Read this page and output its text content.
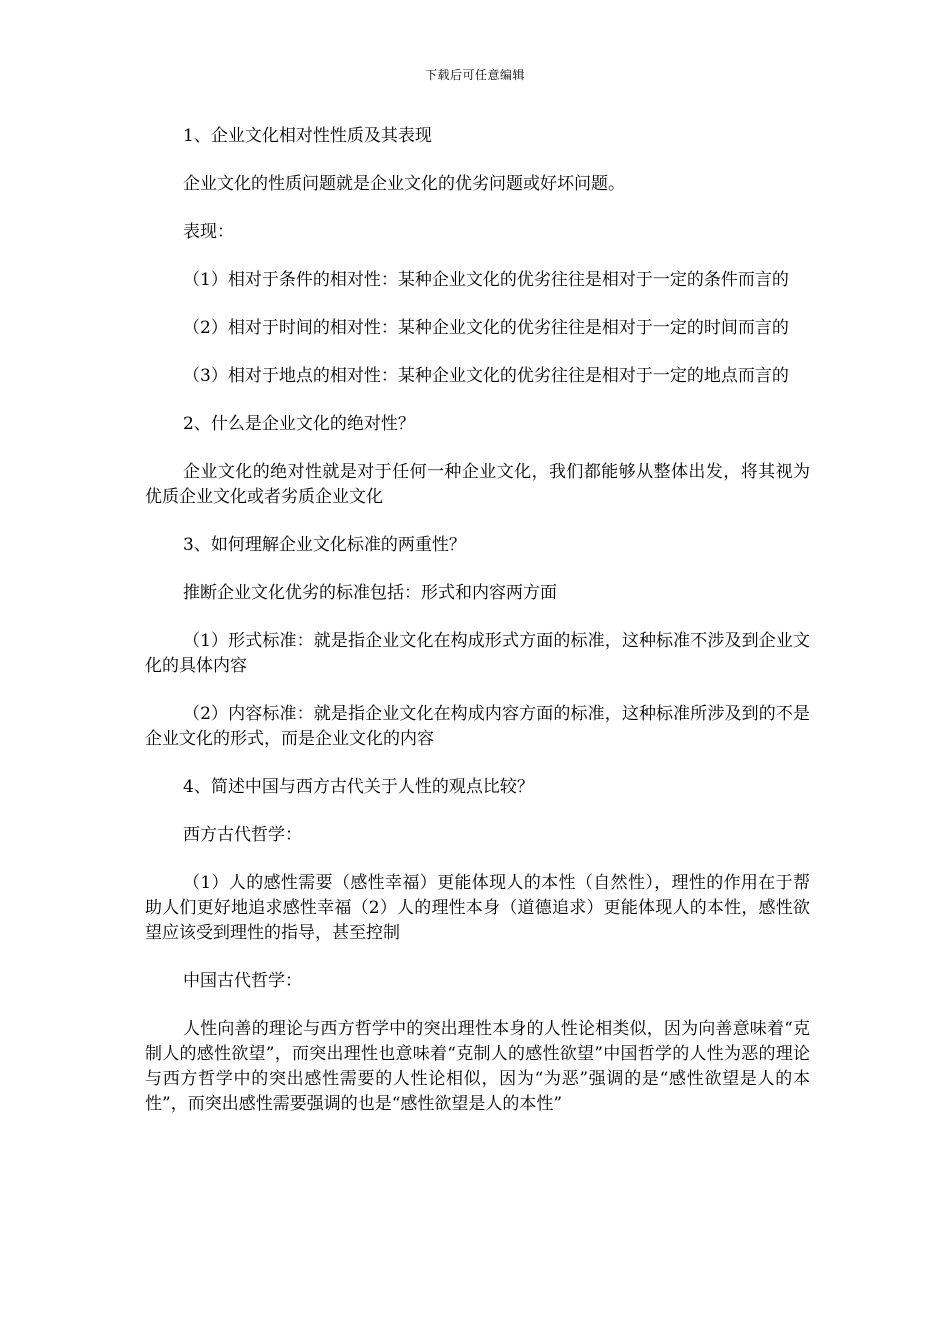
下载后可任意编辑

1、企业文化相对性性质及其表现

企业文化的性质问题就是企业文化的优劣问题或好坏问题。

表现：

（1）相对于条件的相对性：某种企业文化的优劣往往是相对于一定的条件而言的

（2）相对于时间的相对性：某种企业文化的优劣往往是相对于一定的时间而言的

（3）相对于地点的相对性：某种企业文化的优劣往往是相对于一定的地点而言的

2、什么是企业文化的绝对性？

企业文化的绝对性就是对于任何一种企业文化，我们都能够从整体出发，将其视为优质企业文化或者劣质企业文化

3、如何理解企业文化标准的两重性？

推断企业文化优劣的标准包括：形式和内容两方面

（1）形式标准：就是指企业文化在构成形式方面的标准，这种标准不涉及到企业文化的具体内容

（2）内容标准：就是指企业文化在构成内容方面的标准，这种标准所涉及到的不是企业文化的形式，而是企业文化的内容

4、简述中国与西方古代关于人性的观点比较？

西方古代哲学：

（1）人的感性需要（感性幸福）更能体现人的本性（自然性），理性的作用在于帮助人们更好地追求感性幸福（2）人的理性本身（道德追求）更能体现人的本性，感性欲望应该受到理性的指导，甚至控制

中国古代哲学：

人性向善的理论与西方哲学中的突出理性本身的人性论相类似，因为向善意味着“克制人的感性欲望”，而突出理性也意味着“克制人的感性欲望”中国哲学的人性为恶的理论与西方哲学中的突出感性需要的人性论相似，因为“为恶”强调的是“感性欲望是人的本性”，而突出感性需要强调的也是“感性欲望是人的本性”
